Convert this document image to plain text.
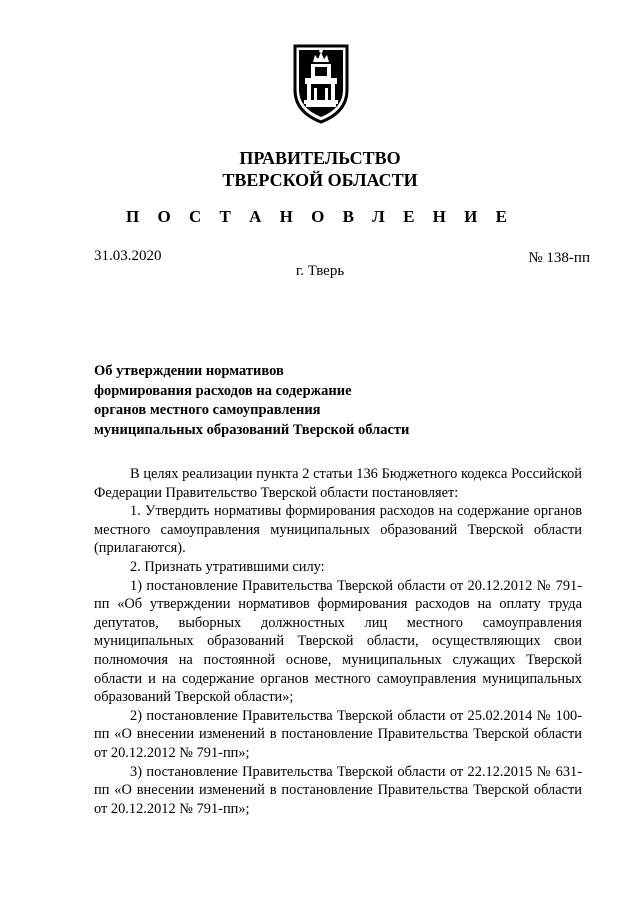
ПРАВИТЕЛЬСТВО
ТВЕРСКОЙ ОБЛАСТИ
П О С Т А Н О В Л Е Н И Е
31.03.2020	№ 138-пп
г. Тверь
Об утверждении нормативов
формирования расходов на содержание
органов местного самоуправления
муниципальных образований Тверской области

В целях реализации пункта 2 статьи 136 Бюджетного кодекса Российской Федерации Правительство Тверской области постановляет:

1. Утвердить нормативы формирования расходов на содержание органов местного самоуправления муниципальных образований Тверской области (прилагаются).

2. Признать утратившими силу:

1) постановление Правительства Тверской области от 20.12.2012 № 791-пп «Об утверждении нормативов формирования расходов на оплату труда депутатов, выборных должностных лиц местного самоуправления муниципальных образований Тверской области, осуществляющих свои полномочия на постоянной основе, муниципальных служащих Тверской области и на содержание органов местного самоуправления муниципальных образований Тверской области»;

2) постановление Правительства Тверской области от 25.02.2014 № 100-пп «О внесении изменений в постановление Правительства Тверской области от 20.12.2012 № 791-пп»;

3) постановление Правительства Тверской области от 22.12.2015 № 631-пп «О внесении изменений в постановление Правительства Тверской области от 20.12.2012 № 791-пп»;
